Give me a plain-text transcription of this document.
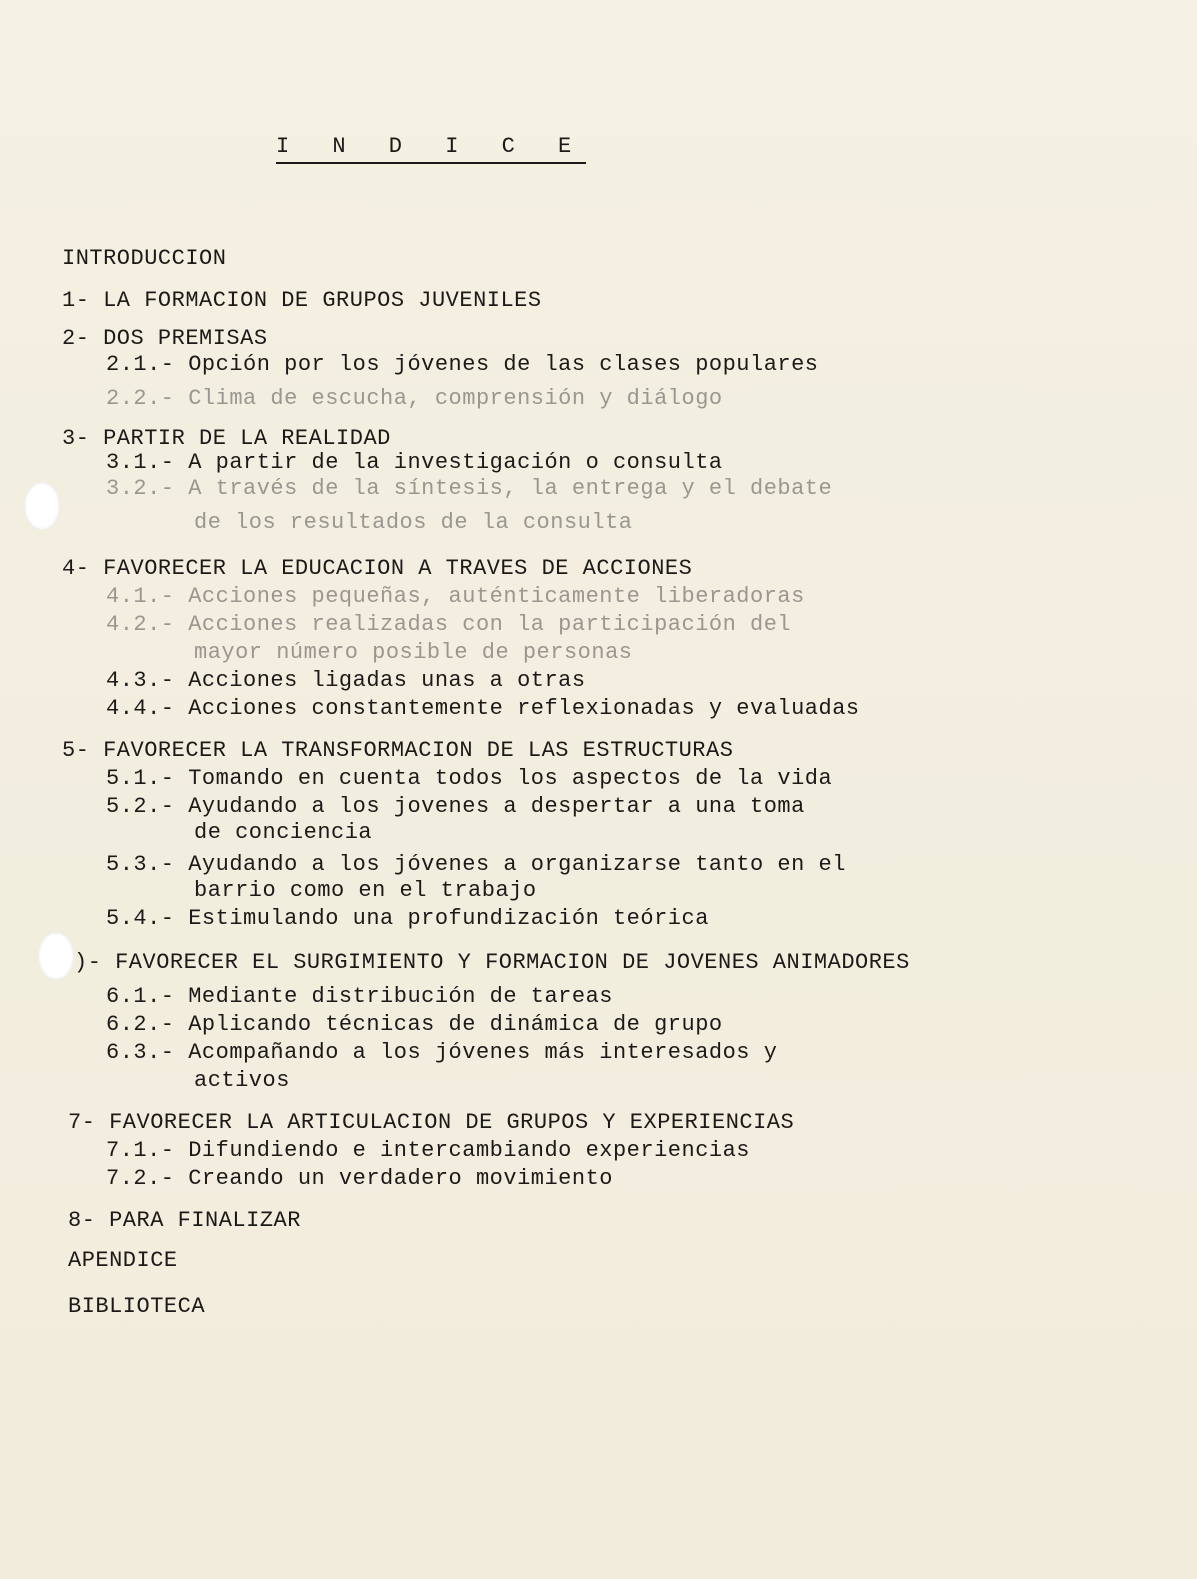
I N D I C E
INTRODUCCION
1- LA FORMACION DE GRUPOS JUVENILES
2- DOS PREMISAS
2.1.- Opción por los jóvenes de las clases populares
2.2.- Clima de escucha, comprensión y diálogo
3- PARTIR DE LA REALIDAD
3.1.- A partir de la investigación o consulta
3.2.- A través de la síntesis, la entrega y el debate
de los resultados de la consulta
4- FAVORECER LA EDUCACION A TRAVES DE ACCIONES
4.1.- Acciones pequeñas, auténticamente liberadoras
4.2.- Acciones realizadas con la participación del
mayor número posible de personas
4.3.- Acciones ligadas unas a otras
4.4.- Acciones constantemente reflexionadas y evaluadas
5- FAVORECER LA TRANSFORMACION DE LAS ESTRUCTURAS
5.1.- Tomando en cuenta todos los aspectos de la vida
5.2.- Ayudando a los jovenes a despertar a una toma
de conciencia
5.3.- Ayudando a los jóvenes a organizarse tanto en el
barrio como en el trabajo
5.4.- Estimulando una profundización teórica
)- FAVORECER EL SURGIMIENTO Y FORMACION DE JOVENES ANIMADORES
6.1.- Mediante distribución de tareas
6.2.- Aplicando técnicas de dinámica de grupo
6.3.- Acompañando a los jóvenes más interesados y
activos
7- FAVORECER LA ARTICULACION DE GRUPOS Y EXPERIENCIAS
7.1.- Difundiendo e intercambiando experiencias
7.2.- Creando un verdadero movimiento
8- PARA FINALIZAR
APENDICE
BIBLIOTECA
